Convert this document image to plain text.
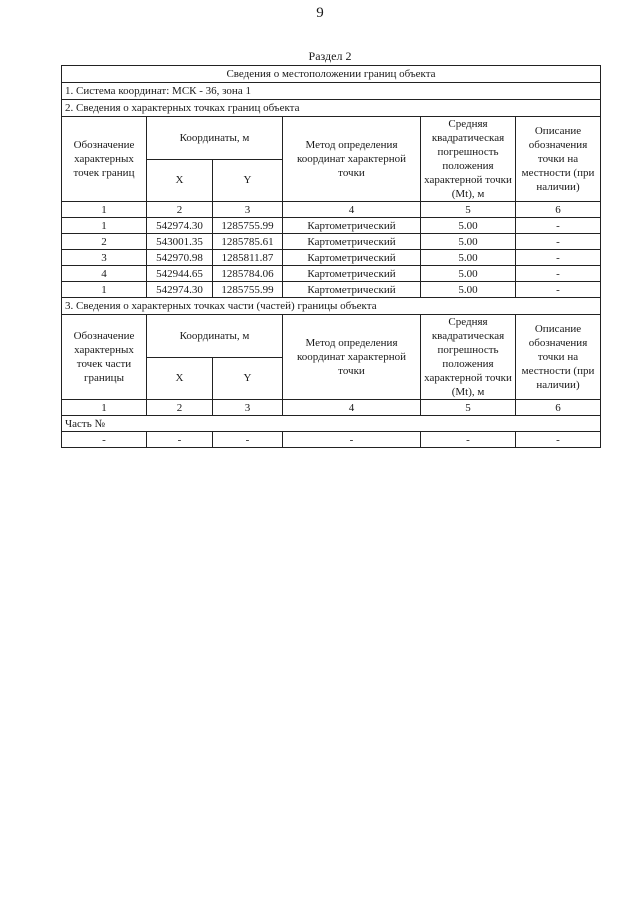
9
Раздел 2
Сведения о местоположении границ объекта					
1. Система координат: МСК - 36, зона 1					
2. Сведения о характерных точках границ объекта					
Обозначение характерных точек границ	Координаты, м		Метод определения координат характерной точки	Средняя квадратическая погрешность положения характерной точки (Mt), м	Описание обозначения точки на местности (при наличии)
	X	Y			
1	2	3	4	5	6
1	542974.30	1285755.99	Картометрический	5.00	-
2	543001.35	1285785.61	Картометрический	5.00	-
3	542970.98	1285811.87	Картометрический	5.00	-
4	542944.65	1285784.06	Картометрический	5.00	-
1	542974.30	1285755.99	Картометрический	5.00	-
3. Сведения о характерных точках части (частей) границы объекта					
Обозначение характерных точек части границы	Координаты, м		Метод определения координат характерной точки	Средняя квадратическая погрешность положения характерной точки (Mt), м	Описание обозначения точки на местности (при наличии)
	X	Y			
1	2	3	4	5	6
Часть №					
-	-	-	-	-	-
